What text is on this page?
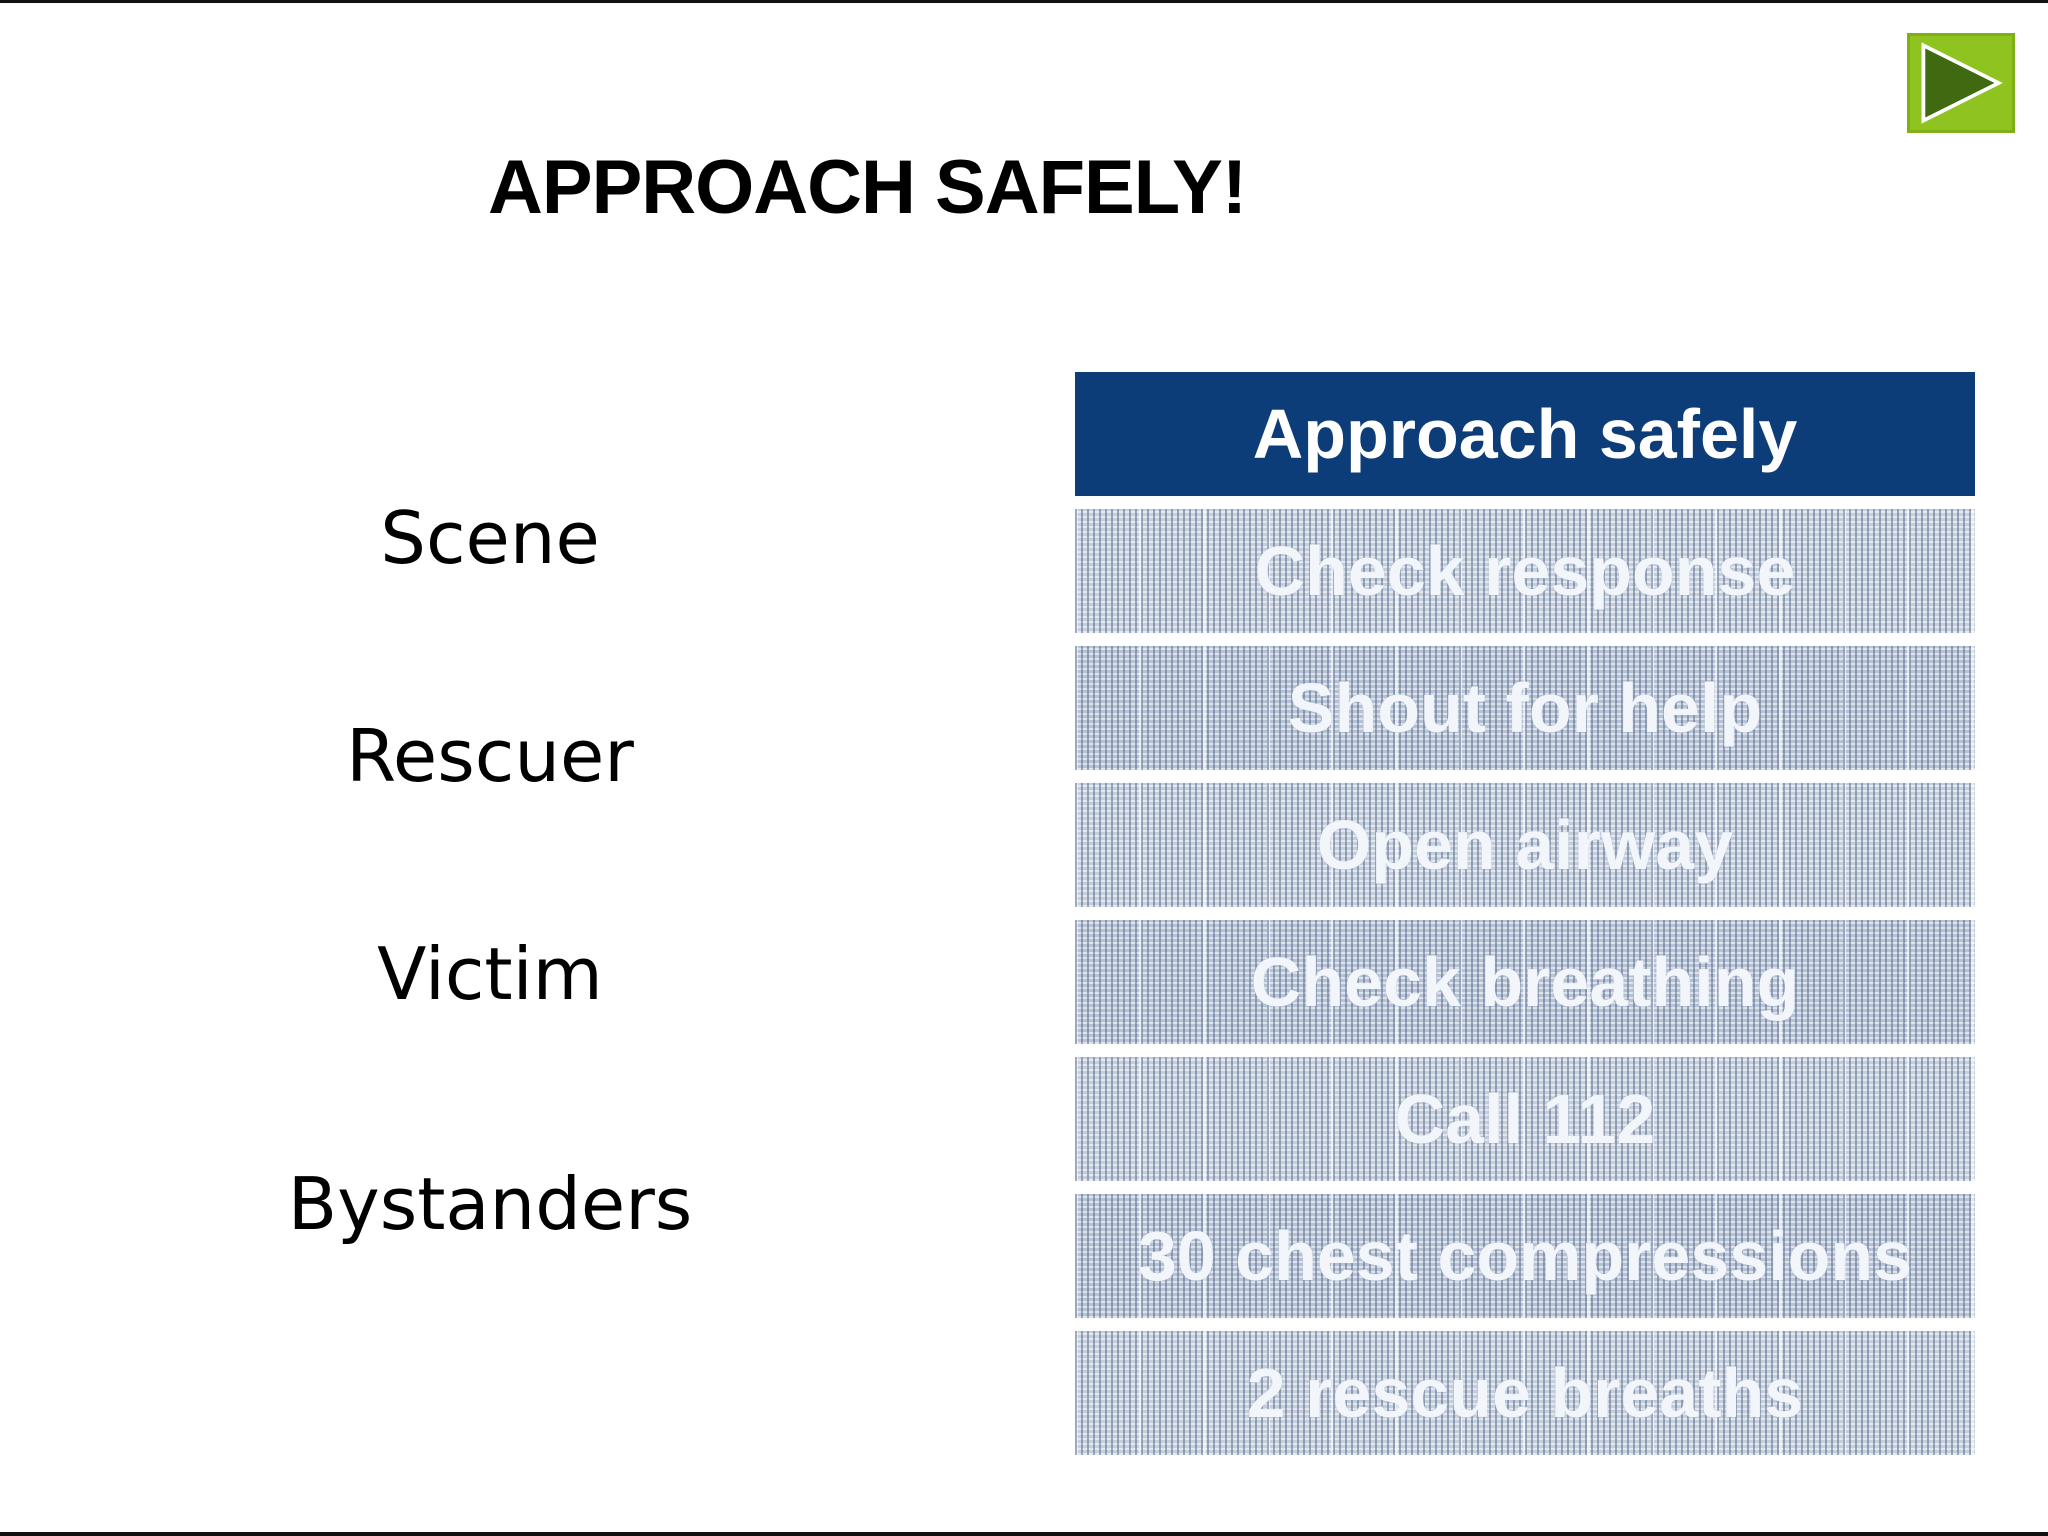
APPROACH SAFELY!
Scene
Rescuer
Victim
Bystanders
Approach safely
Check response
Shout for help
Open airway
Check breathing
Call 112
30 chest compressions
2 rescue breaths
